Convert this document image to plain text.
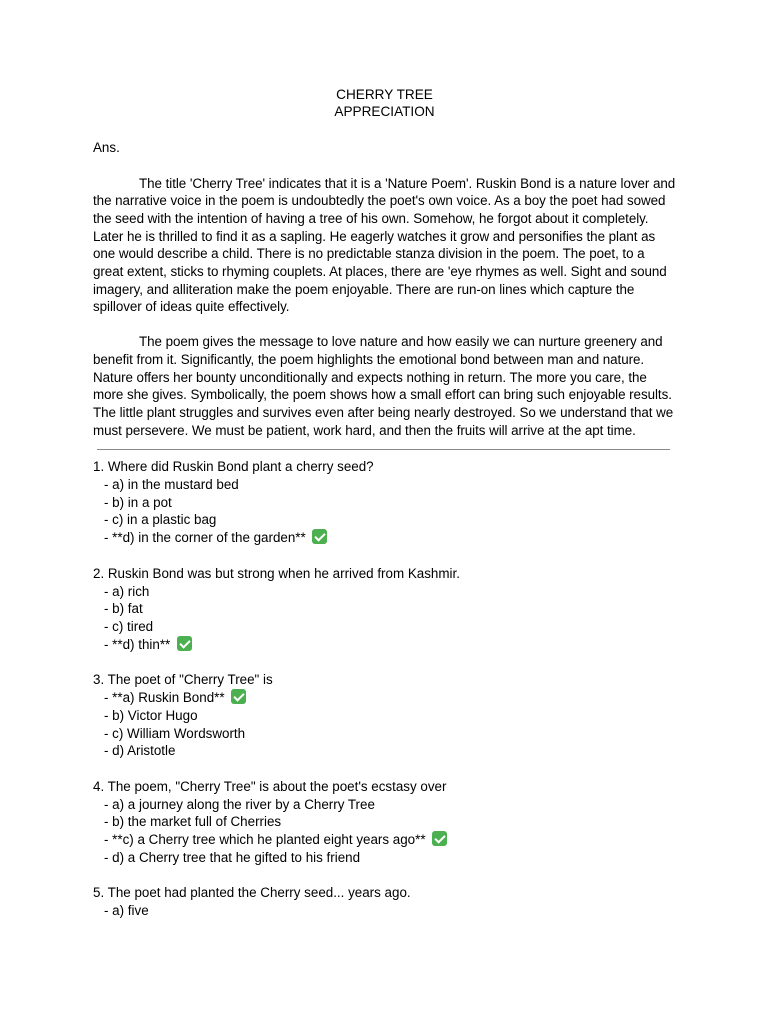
CHERRY TREE
APPRECIATION

Ans.

The title 'Cherry Tree' indicates that it is a 'Nature Poem'. Ruskin Bond is a nature lover and the narrative voice in the poem is undoubtedly the poet's own voice. As a boy the poet had sowed the seed with the intention of having a tree of his own. Somehow, he forgot about it completely. Later he is thrilled to find it as a sapling. He eagerly watches it grow and personifies the plant as one would describe a child. There is no predictable stanza division in the poem. The poet, to a great extent, sticks to rhyming couplets. At places, there are 'eye rhymes as well. Sight and sound imagery, and alliteration make the poem enjoyable. There are run-on lines which capture the spillover of ideas quite effectively.

The poem gives the message to love nature and how easily we can nurture greenery and benefit from it. Significantly, the poem highlights the emotional bond between man and nature. Nature offers her bounty unconditionally and expects nothing in return. The more you care, the more she gives. Symbolically, the poem shows how a small effort can bring such enjoyable results. The little plant struggles and survives even after being nearly destroyed. So we understand that we must persevere. We must be patient, work hard, and then the fruits will arrive at the apt time.

1. Where did Ruskin Bond plant a cherry seed?
- a) in the mustard bed
- b) in a pot
- c) in a plastic bag
- **d) in the corner of the garden**
2. Ruskin Bond was but strong when he arrived from Kashmir.
- a) rich
- b) fat
- c) tired
- **d) thin**
3. The poet of "Cherry Tree" is
- **a) Ruskin Bond**
- b) Victor Hugo
- c) William Wordsworth
- d) Aristotle
4. The poem, "Cherry Tree" is about the poet's ecstasy over
- a) a journey along the river by a Cherry Tree
- b) the market full of Cherries
- **c) a Cherry tree which he planted eight years ago**
- d) a Cherry tree that he gifted to his friend
5. The poet had planted the Cherry seed... years ago.
- a) five
